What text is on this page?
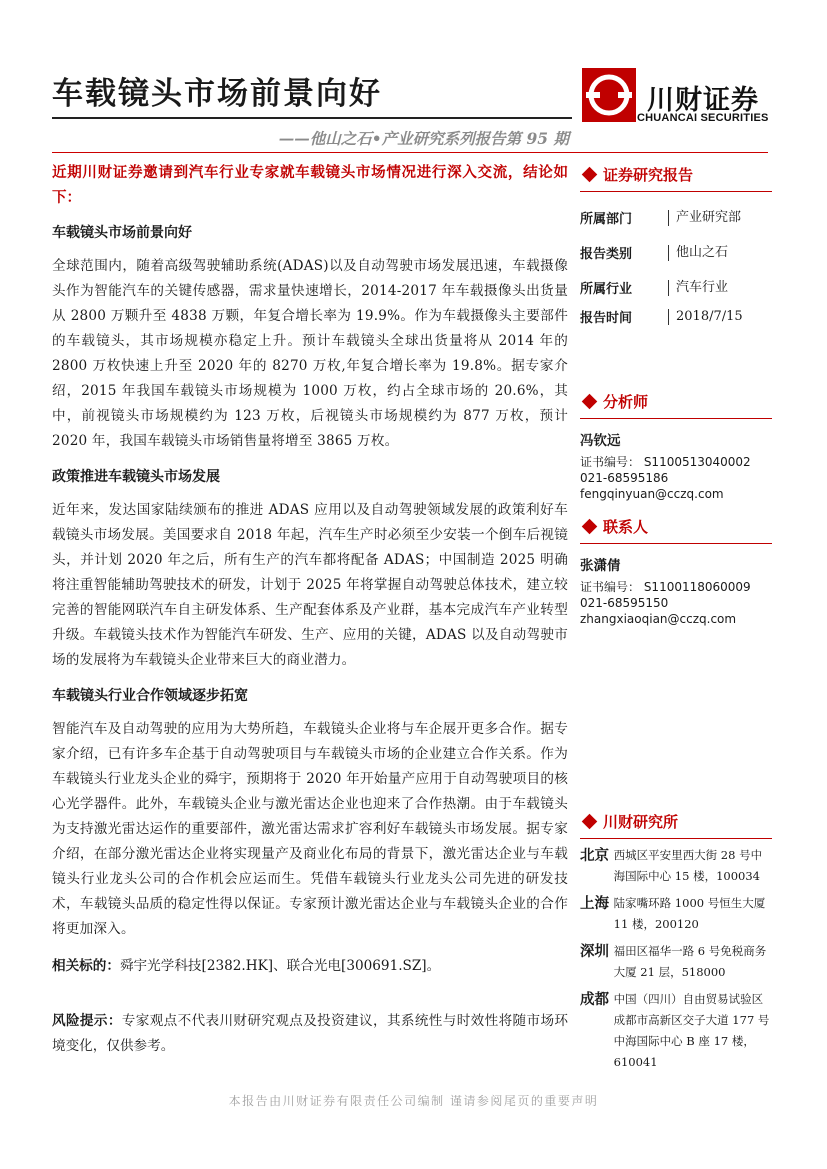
车载镜头市场前景向好
——他山之石•产业研究系列报告第 95 期
川财证券
CHUANCAI SECURITIES

近期川财证券邀请到汽车行业专家就车载镜头市场情况进行深入交流，结论如下：

车载镜头市场前景向好

全球范围内，随着高级驾驶辅助系统(ADAS)以及自动驾驶市场发展迅速，车载摄像头作为智能汽车的关键传感器，需求量快速增长，2014-2017 年车载摄像头出货量从 2800 万颗升至 4838 万颗，年复合增长率为 19.9%。作为车载摄像头主要部件的车载镜头，其市场规模亦稳定上升。预计车载镜头全球出货量将从 2014 年的 2800 万枚快速上升至 2020 年的 8270 万枚,年复合增长率为 19.8%。据专家介绍，2015 年我国车载镜头市场规模为 1000 万枚，约占全球市场的 20.6%，其中，前视镜头市场规模约为 123 万枚，后视镜头市场规模约为 877 万枚，预计 2020 年，我国车载镜头市场销售量将增至 3865 万枚。

政策推进车载镜头市场发展

近年来，发达国家陆续颁布的推进 ADAS 应用以及自动驾驶领域发展的政策利好车载镜头市场发展。美国要求自 2018 年起，汽车生产时必须至少安装一个倒车后视镜头，并计划 2020 年之后，所有生产的汽车都将配备 ADAS；中国制造 2025 明确将注重智能辅助驾驶技术的研发，计划于 2025 年将掌握自动驾驶总体技术，建立较完善的智能网联汽车自主研发体系、生产配套体系及产业群，基本完成汽车产业转型升级。车载镜头技术作为智能汽车研发、生产、应用的关键，ADAS 以及自动驾驶市场的发展将为车载镜头企业带来巨大的商业潜力。

车载镜头行业合作领域逐步拓宽

智能汽车及自动驾驶的应用为大势所趋，车载镜头企业将与车企展开更多合作。据专家介绍，已有许多车企基于自动驾驶项目与车载镜头市场的企业建立合作关系。作为车载镜头行业龙头企业的舜宇，预期将于 2020 年开始量产应用于自动驾驶项目的核心光学器件。此外，车载镜头企业与激光雷达企业也迎来了合作热潮。由于车载镜头为支持激光雷达运作的重要部件，激光雷达需求扩容利好车载镜头市场发展。据专家介绍，在部分激光雷达企业将实现量产及商业化布局的背景下，激光雷达企业与车载镜头行业龙头公司的合作机会应运而生。凭借车载镜头行业龙头公司先进的研发技术，车载镜头品质的稳定性得以保证。专家预计激光雷达企业与车载镜头企业的合作将更加深入。

相关标的：舜宇光学科技[2382.HK]、联合光电[300691.SZ]。

风险提示：专家观点不代表川财研究观点及投资建议，其系统性与时效性将随市场环境变化，仅供参考。

证券研究报告
所属部门	产业研究部
报告类别	他山之石
所属行业	汽车行业
报告时间	2018/7/15
分析师
冯钦远
证书编号： S1100513040002
021-68595186
fengqinyuan@cczq.com
联系人
张潇倩
证书编号： S1100118060009
021-68595150
zhangxiaoqian@cczq.com
川财研究所
北京 西城区平安里西大街 28 号中海国际中心 15 楼，100034
上海 陆家嘴环路 1000 号恒生大厦 11 楼，200120
深圳 福田区福华一路 6 号免税商务大厦 21 层，518000
成都 中国（四川）自由贸易试验区成都市高新区交子大道 177 号中海国际中心 B 座 17 楼，610041
本报告由川财证券有限责任公司编制 谨请参阅尾页的重要声明
